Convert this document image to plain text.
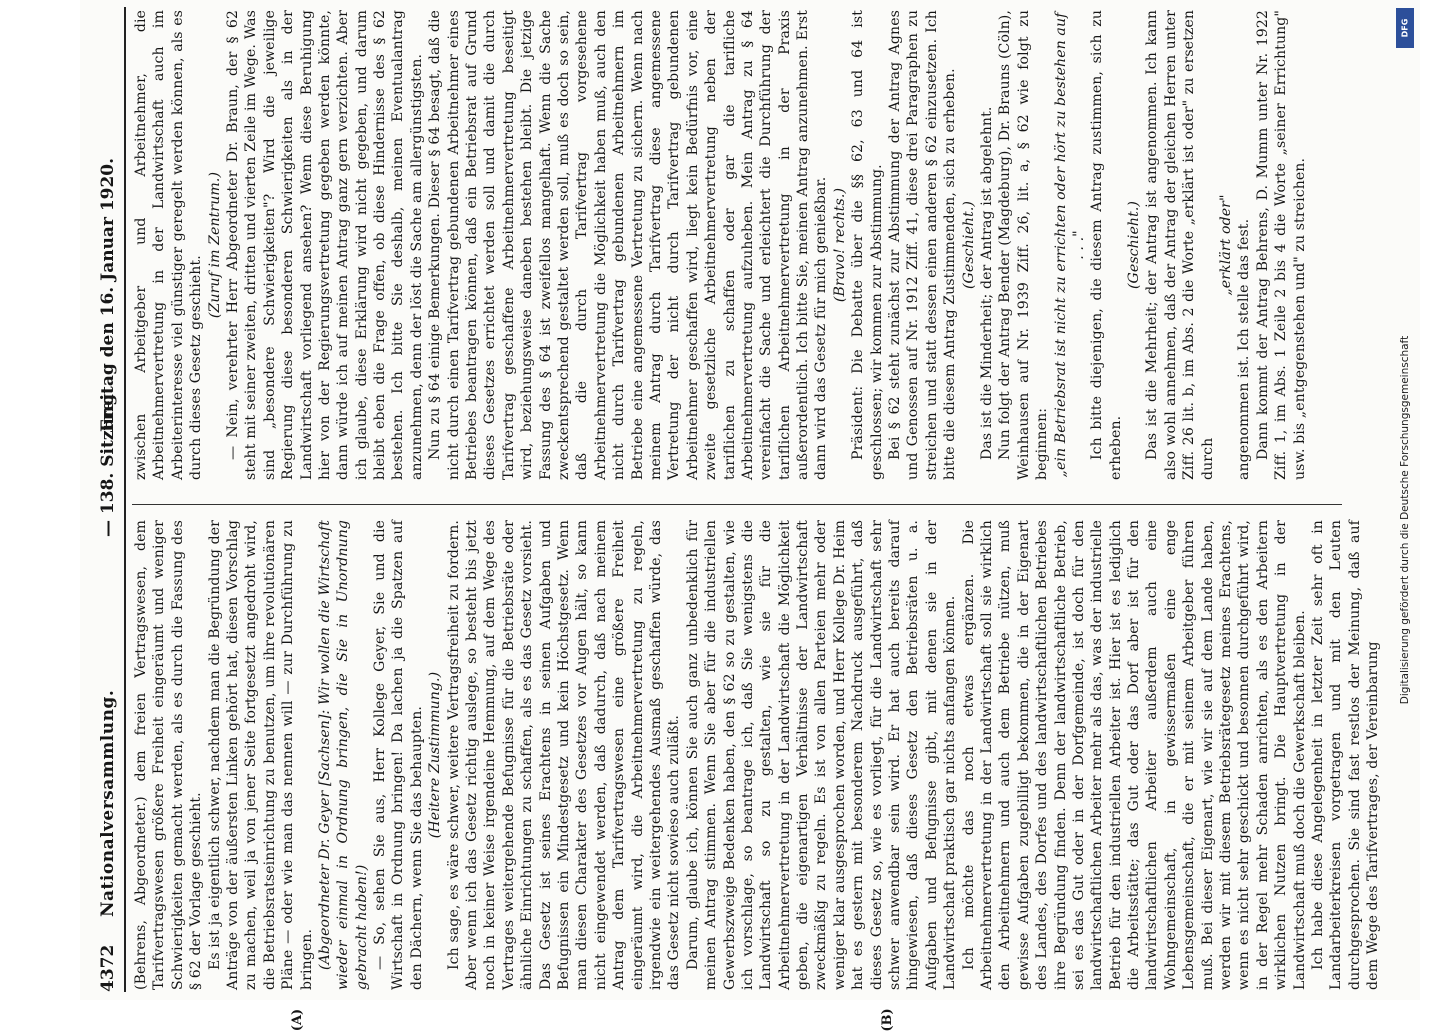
4372
Nationalversammlung.
— 138. Sitzung.
Freitag den 16. Januar 1920.
(A)	(B)

(Behrens, Abgeordneter.) dem freien Vertragswesen, dem Tarifvertragswesen größere Freiheit eingeräumt und weniger Schwierigkeiten gemacht werden, als es durch die Fassung des § 62 der Vorlage geschieht. Es ist ja eigentlich schwer, nachdem man die Begründung der Anträge von der äußersten Linken gehört hat, diesen Vorschlag zu machen, weil ja von jener Seite fortgesetzt angedroht wird, die Betriebsratseinrichtung zu benutzen, um ihre revolutionären Pläne — oder wie man das nennen will — zur Durchführung zu bringen. (Abgeordneter Dr. Geyer [Sachsen]: Wir wollen die Wirtschaft wieder einmal in Ordnung bringen, die Sie in Unordnung gebracht haben!) — So, sehen Sie aus, Herr Kollege Geyer, Sie und die Wirtschaft in Ordnung bringen! Da lachen ja die Spatzen auf den Dächern, wenn Sie das behaupten. (Heitere Zustimmung.) Ich sage, es wäre schwer, weitere Vertragsfreiheit zu fordern. Aber wenn ich das Gesetz richtig auslege, so besteht bis jetzt noch in keiner Weise irgendeine Hemmung, auf dem Wege des Vertrages weitergehende Befugnisse für die Betriebsräte oder ähnliche Einrichtungen zu schaffen, als es das Gesetz vorsieht. Das Gesetz ist seines Erachtens in seinen Aufgaben und Befugnissen ein Mindestgesetz und kein Höchstgesetz. Wenn man diesen Charakter des Gesetzes vor Augen hält, so kann nicht eingewendet werden, daß dadurch, daß nach meinem Antrag dem Tarifvertragswesen eine größere Freiheit eingeräumt wird, die Arbeitnehmervertretung zu regeln, irgendwie ein weitergehendes Ausmaß geschaffen würde, das das Gesetz nicht sowieso auch zuläßt. Darum, glaube ich, können Sie auch ganz unbedenklich für meinen Antrag stimmen. Wenn Sie aber für die industriellen Gewerbszweige Bedenken haben, den § 62 so zu gestalten, wie ich vorschlage, so beantrage ich, daß Sie wenigstens die Landwirtschaft so zu gestalten, wie sie für die Arbeitnehmervertretung in der Landwirtschaft die Möglichkeit geben, die eigenartigen Verhältnisse der Landwirtschaft zweckmäßig zu regeln. Es ist von allen Parteien mehr oder weniger klar ausgesprochen worden, und Herr Kollege Dr. Heim hat es gestern mit besonderem Nachdruck ausgeführt, daß dieses Gesetz so, wie es vorliegt, für die Landwirtschaft sehr schwer anwendbar sein wird. Er hat auch bereits darauf hingewiesen, daß dieses Gesetz den Betriebsräten u. a. Aufgaben und Befugnisse gibt, mit denen sie in der Landwirtschaft praktisch gar nichts anfangen können. Ich möchte das noch etwas ergänzen. Die Arbeitnehmervertretung in der Landwirtschaft soll sie wirklich den Arbeitnehmern und auch dem Betriebe nützen, muß gewisse Aufgaben zugebilligt bekommen, die in der Eigenart des Landes, des Dorfes und des landwirtschaftlichen Betriebes ihre Begründung finden. Denn der landwirtschaftliche Betrieb, sei es das Gut oder in der Dorfgemeinde, ist doch für den landwirtschaftlichen Arbeiter mehr als das, was der industrielle Betrieb für den industriellen Arbeiter ist. Hier ist es lediglich die Arbeitsstätte; das Gut oder das Dorf aber ist für den landwirtschaftlichen Arbeiter außerdem auch eine Wohngemeinschaft, in gewissermaßen eine enge Lebensgemeinschaft, die er mit seinem Arbeitgeber führen muß. Bei dieser Eigenart, wie wir sie auf dem Lande haben, werden wir mit diesem Betriebsrätegesetz meines Erachtens, wenn es nicht sehr geschickt und besonnen durchgeführt wird, in der Regel mehr Schaden anrichten, als es den Arbeitern wirklichen Nutzen bringt. Die Hauptvertretung in der Landwirtschaft muß doch die Gewerkschaft bleiben. Ich habe diese Angelegenheit in letzter Zeit sehr oft in Landarbeiterkreisen vorgetragen und mit den Leuten durchgesprochen. Sie sind fast restlos der Meinung, daß auf dem Wege des Tarifvertrages, der Vereinbarung

zwischen Arbeitgeber und Arbeitnehmer, die Arbeitnehmervertretung in der Landwirtschaft auch im Arbeiterinteresse viel günstiger geregelt werden können, als es durch dieses Gesetz geschieht.

(Zuruf im Zentrum.) — Nein, verehrter Herr Abgeordneter Dr. Braun, der § 62 steht mit seiner zweiten, dritten und vierten Zeile im Wege. Was sind „besondere Schwierigkeiten"? Wird die jeweilige Regierung diese besonderen Schwierigkeiten als in der Landwirtschaft vorliegend ansehen? Wenn diese Beruhigung hier von der Regierungsvertretung gegeben werden könnte, dann würde ich auf meinen Antrag ganz gern verzichten. Aber ich glaube, diese Erklärung wird nicht gegeben, und darum bleibt eben die Frage offen, ob diese Hindernisse des § 62 bestehen. Ich bitte Sie deshalb, meinen Eventualantrag anzunehmen, denn der löst die Sache am allergünstigsten. Nun zu § 64 einige Bemerkungen. Dieser § 64 besagt, daß die nicht durch einen Tarifvertrag gebundenen Arbeitnehmer eines Betriebes beantragen können, daß ein Betriebsrat auf Grund dieses Gesetzes errichtet werden soll und damit die durch Tarifvertrag geschaffene Arbeitnehmervertretung beseitigt wird, beziehungsweise daneben bestehen bleibt. Die jetzige Fassung des § 64 ist zweifellos mangelhaft. Wenn die Sache zweckentsprechend gestaltet werden soll, muß es doch so sein, daß die durch Tarifvertrag vorgesehene Arbeitnehmervertretung die Möglichkeit haben muß, auch den nicht durch Tarifvertrag gebundenen Arbeitnehmern im Betriebe eine angemessene Vertretung zu sichern. Wenn nach meinem Antrag durch Tarifvertrag diese angemessene Vertretung der nicht durch Tarifvertrag gebundenen Arbeitnehmer geschaffen wird, liegt kein Bedürfnis vor, eine zweite gesetzliche Arbeitnehmervertretung neben der tariflichen zu schaffen oder gar die tarifliche Arbeitnehmervertretung aufzuheben. Mein Antrag zu § 64 vereinfacht die Sache und erleichtert die Durchführung der tariflichen Arbeitnehmervertretung in der Praxis außerordentlich. Ich bitte Sie, meinen Antrag anzunehmen. Erst dann wird das Gesetz für mich genießbar. (Bravo! rechts.) Präsident: Die Debatte über die §§ 62, 63 und 64 ist geschlossen; wir kommen zur Abstimmung. Bei § 62 steht zunächst zur Abstimmung der Antrag Agnes und Genossen auf Nr. 1912 Ziff. 41, diese drei Paragraphen zu streichen und statt dessen einen anderen § 62 einzusetzen. Ich bitte die diesem Antrag Zustimmenden, sich zu erheben. (Geschieht.) Das ist die Minderheit; der Antrag ist abgelehnt. Nun folgt der Antrag Bender (Magdeburg), Dr. Brauns (Cöln), Weinhausen auf Nr. 1939 Ziff. 26, lit. a, § 62 wie folgt zu beginnen: „ein Betriebsrat ist nicht zu errichten oder hört zu bestehen auf . . ." Ich bitte diejenigen, die diesem Antrag zustimmen, sich zu erheben.

(Geschieht.) Das ist die Mehrheit; der Antrag ist angenommen. Ich kann also wohl annehmen, daß der Antrag der gleichen Herren unter Ziff. 26 lit. b, im Abs. 2 die Worte „erklärt ist oder" zu ersetzen durch

„erklärt oder" angenommen ist. Ich stelle das fest. Dann kommt der Antrag Behrens, D. Mumm unter Nr. 1922 Ziff. 1, im Abs. 1 Zeile 2 bis 4 die Worte „seiner Errichtung" usw. bis „entgegenstehen und" zu streichen.

DFG
Digitalisierung gefördert durch die Deutsche Forschungsgemeinschaft
